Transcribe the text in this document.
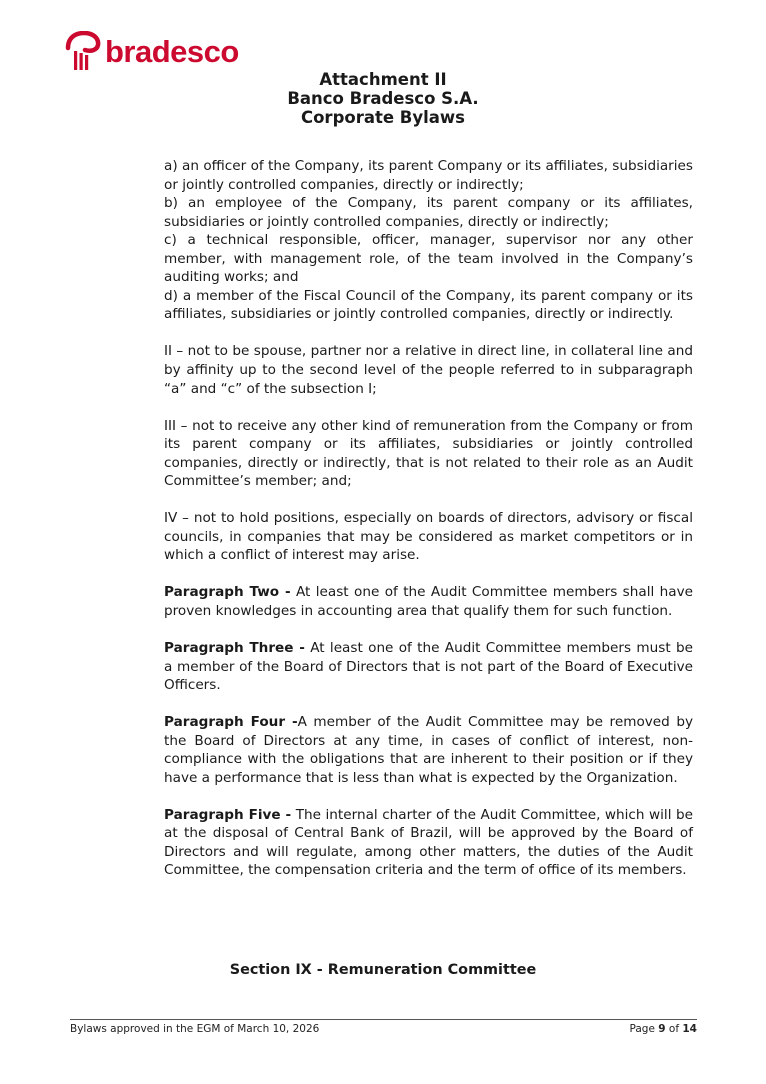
bradesco
Attachment II
Banco Bradesco S.A.
Corporate Bylaws

a) an officer of the Company, its parent Company or its affiliates, subsidiaries or jointly controlled companies, directly or indirectly;

b) an employee of the Company, its parent company or its affiliates, subsidiaries or jointly controlled companies, directly or indirectly;

c) a technical responsible, officer, manager, supervisor nor any other member, with management role, of the team involved in the Company’s auditing works; and

d) a member of the Fiscal Council of the Company, its parent company or its affiliates, subsidiaries or jointly controlled companies, directly or indirectly.

II – not to be spouse, partner nor a relative in direct line, in collateral line and by affinity up to the second level of the people referred to in subparagraph “a” and “c” of the subsection I;

III – not to receive any other kind of remuneration from the Company or from its parent company or its affiliates, subsidiaries or jointly controlled companies, directly or indirectly, that is not related to their role as an Audit Committee’s member; and;

IV – not to hold positions, especially on boards of directors, advisory or fiscal councils, in companies that may be considered as market competitors or in which a conflict of interest may arise.

Paragraph Two - At least one of the Audit Committee members shall have proven knowledges in accounting area that qualify them for such function.

Paragraph Three - At least one of the Audit Committee members must be a member of the Board of Directors that is not part of the Board of Executive Officers.

Paragraph Four -A member of the Audit Committee may be removed by the Board of Directors at any time, in cases of conflict of interest, non-compliance with the obligations that are inherent to their position or if they have a performance that is less than what is expected by the Organization.

Paragraph Five - The internal charter of the Audit Committee, which will be at the disposal of Central Bank of Brazil, will be approved by the Board of Directors and will regulate, among other matters, the duties of the Audit Committee, the compensation criteria and the term of office of its members.

Section IX - Remuneration Committee
Bylaws approved in the EGM of March 10, 2026	Page 9 of 14
